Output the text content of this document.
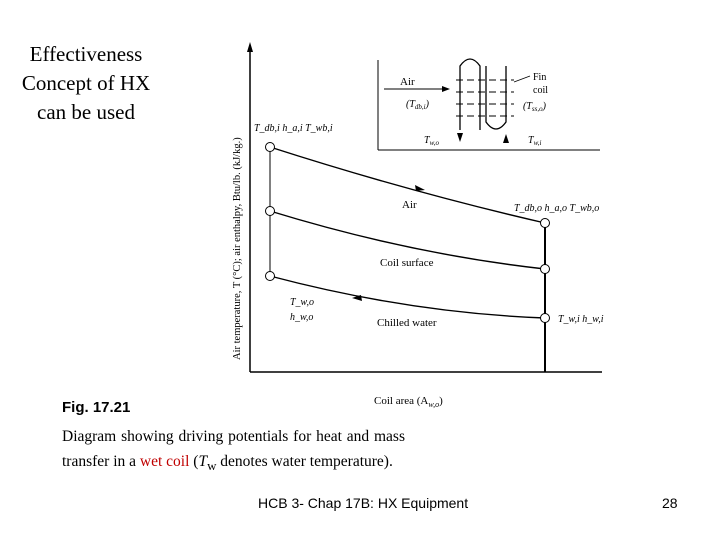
Effectiveness Concept of HX can be used
Air temperature, T (°C); air enthalpy, Btu/lb. (kJ/kg.)	Air
Coil surface
Chilled water
T_db,i h_a,i T_wb,i
T_db,o h_a,o T_wb,o
T_w,o
h_w,o	T_w,i h_w,i
Coil area $(A_{w,o})$
Air
$(T_{db,i})$
Fin
coil
$(T_{ss,o})$
$T_{w,o}$	$T_{w,i}$
Fig. 17.21
Diagram showing driving potentials for heat and mass transfer in a wet coil ($T_w$ denotes water temperature).
HCB 3- Chap 17B: HX Equipment	28
